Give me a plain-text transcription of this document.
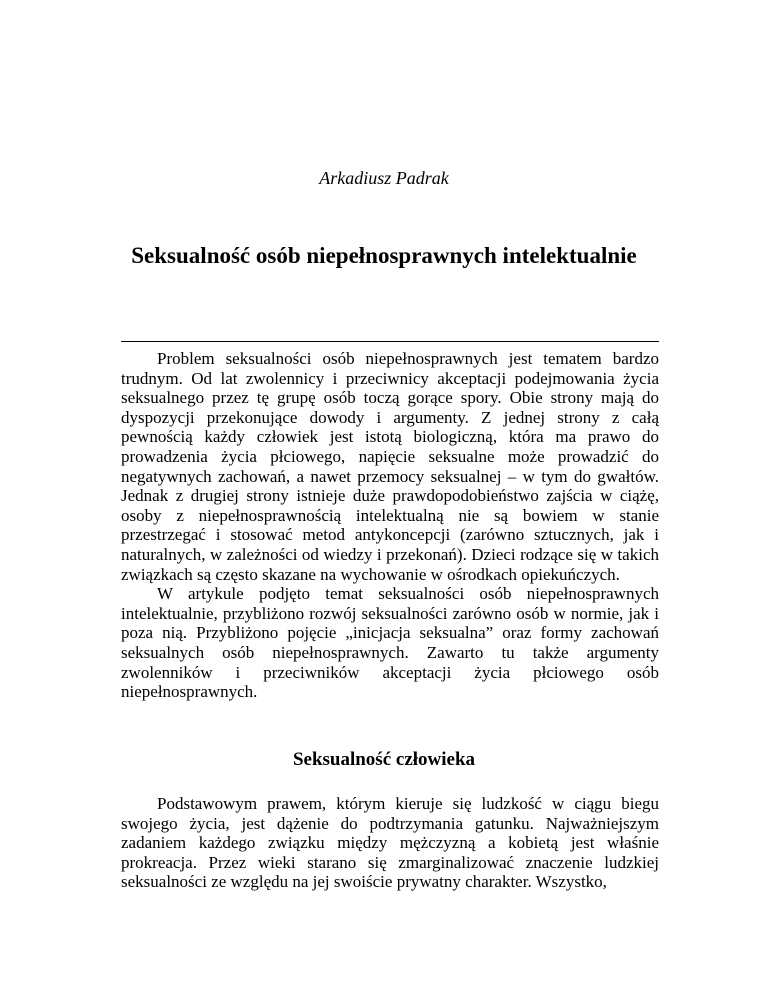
Arkadiusz Padrak
Seksualność osób niepełnosprawnych intelektualnie

Problem seksualności osób niepełnosprawnych jest tematem bardzo trudnym. Od lat zwolennicy i przeciwnicy akceptacji podejmowania życia seksualnego przez tę grupę osób toczą gorące spory. Obie strony mają do dyspozycji przekonujące dowody i argumenty. Z jednej strony z całą pewnością każdy człowiek jest istotą biologiczną, która ma prawo do prowadzenia życia płciowego, napięcie seksualne może prowadzić do negatywnych zachowań, a nawet przemocy seksualnej – w tym do gwałtów. Jednak z drugiej strony istnieje duże prawdopodobieństwo zajścia w ciążę, osoby z niepełnosprawnością intelektualną nie są bowiem w stanie przestrzegać i stosować metod antykoncepcji (zarówno sztucznych, jak i naturalnych, w zależności od wiedzy i przekonań). Dzieci rodzące się w takich związkach są często skazane na wychowanie w ośrodkach opiekuńczych.

W artykule podjęto temat seksualności osób niepełnosprawnych intelektualnie, przybliżono rozwój seksualności zarówno osób w normie, jak i poza nią. Przybliżono pojęcie „inicjacja seksualna” oraz formy zachowań seksualnych osób niepełnosprawnych. Zawarto tu także argumenty zwolenników i przeciwników akceptacji życia płciowego osób niepełnosprawnych.

Seksualność człowieka

Podstawowym prawem, którym kieruje się ludzkość w ciągu biegu swojego życia, jest dążenie do podtrzymania gatunku. Najważniejszym zadaniem każdego związku między mężczyzną a kobietą jest właśnie prokreacja. Przez wieki starano się zmarginalizować znaczenie ludzkiej seksualności ze względu na jej swoiście prywatny charakter. Wszystko,
